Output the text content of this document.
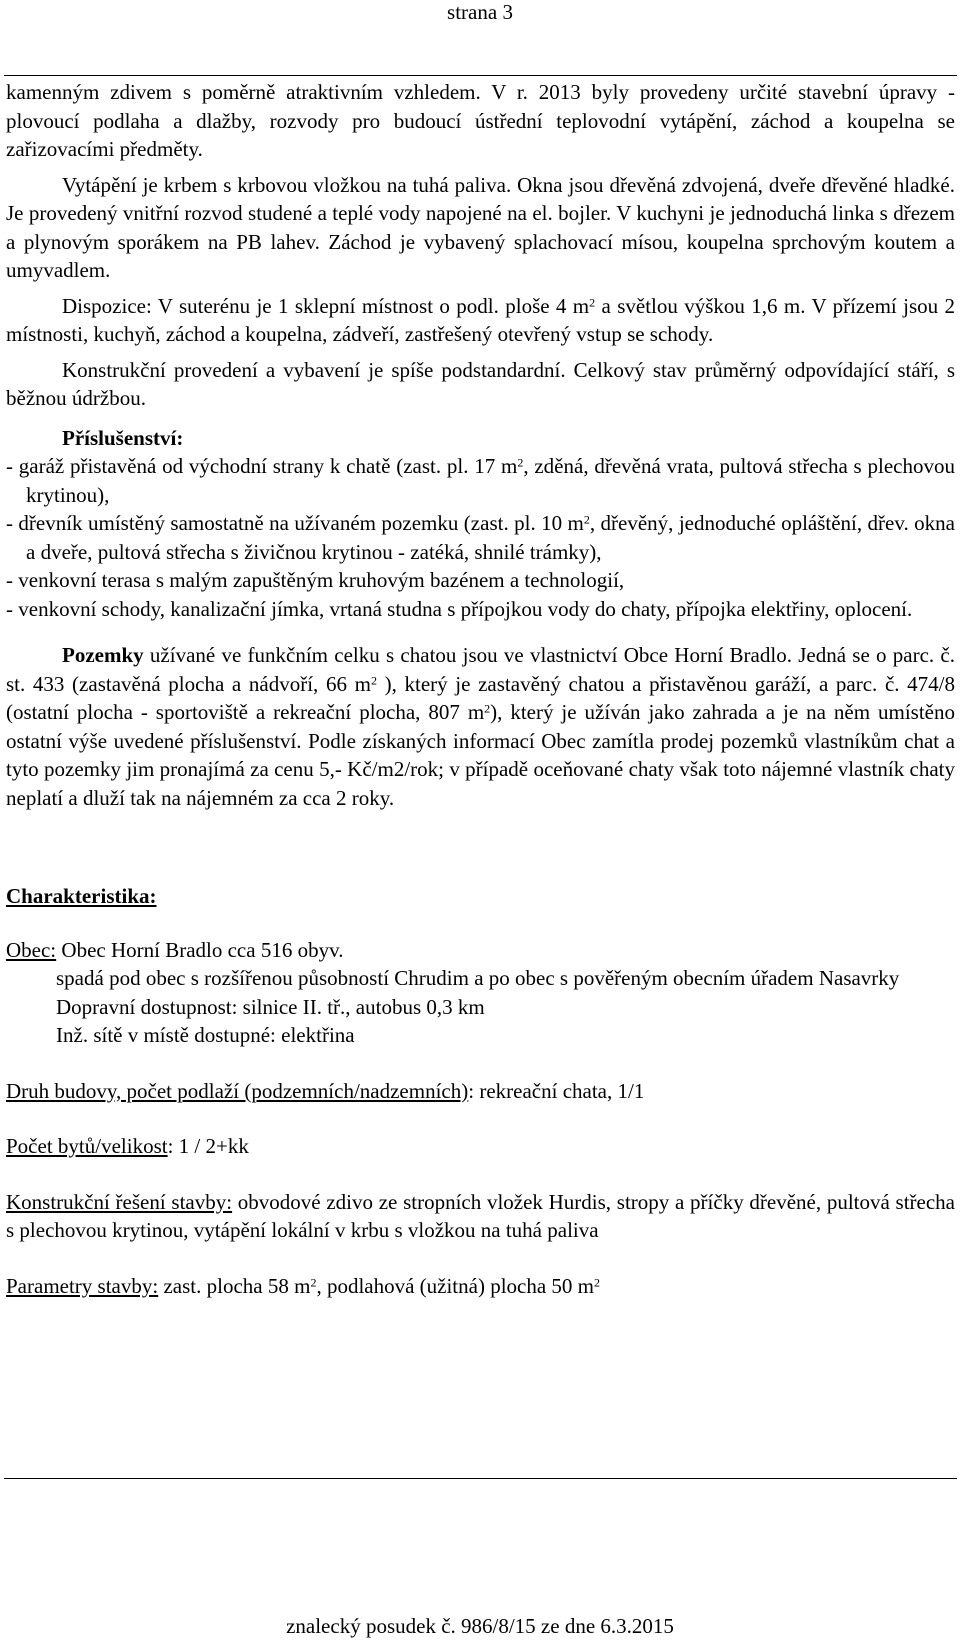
strana 3

kamenným zdivem s poměrně atraktivním vzhledem. V r. 2013 byly provedeny určité stavební úpravy - plovoucí podlaha a dlažby, rozvody pro budoucí ústřední teplovodní vytápění, záchod a koupelna se zařizovacími předměty.

Vytápění je krbem s krbovou vložkou na tuhá paliva. Okna jsou dřevěná zdvojená, dveře dřevěné hladké. Je provedený vnitřní rozvod studené a teplé vody napojené na el. bojler. V kuchyni je jednoduchá linka s dřezem a plynovým sporákem na PB lahev. Záchod je vybavený splachovací mísou, koupelna sprchovým koutem a umyvadlem.

Dispozice: V suterénu je 1 sklepní místnost o podl. ploše 4 $m^2$ a světlou výškou 1,6 m. V přízemí jsou 2 místnosti, kuchyň, záchod a koupelna, zádveří, zastřešený otevřený vstup se schody.

Konstrukční provedení a vybavení je spíše podstandardní. Celkový stav průměrný odpovídající stáří, s běžnou údržbou.

Příslušenství:

- garáž přistavěná od východní strany k chatě (zast. pl. 17 $m^2$, zděná, dřevěná vrata, pultová střecha s plechovou krytinou),

- dřevník umístěný samostatně na užívaném pozemku (zast. pl. 10 $m^2$, dřevěný, jednoduché opláštění, dřev. okna a dveře, pultová střecha s živičnou krytinou - zatéká, shnilé trámky),

- venkovní terasa s malým zapuštěným kruhovým bazénem a technologií,

- venkovní schody, kanalizační jímka, vrtaná studna s přípojkou vody do chaty, přípojka elektřiny, oplocení.

Pozemky užívané ve funkčním celku s chatou jsou ve vlastnictví Obce Horní Bradlo. Jedná se o parc. č. st. 433 (zastavěná plocha a nádvoří, 66 $m^2$ ), který je zastavěný chatou a přistavěnou garáží, a parc. č. 474/8 (ostatní plocha - sportoviště a rekreační plocha, 807 $m^2$), který je užíván jako zahrada a je na něm umístěno ostatní výše uvedené příslušenství. Podle získaných informací Obec zamítla prodej pozemků vlastníkům chat a tyto pozemky jim pronajímá za cenu 5,- Kč/m2/rok; v případě oceňované chaty však toto nájemné vlastník chaty neplatí a dluží tak na nájemném za cca 2 roky.

Charakteristika:

Obec: Obec Horní Bradlo cca 516 obyv.

spadá pod obec s rozšířenou působností Chrudim a po obec s pověřeným obecním úřadem Nasavrky

Dopravní dostupnost: silnice II. tř., autobus 0,3 km

Inž. sítě v místě dostupné: elektřina

Druh budovy, počet podlaží (podzemních/nadzemních): rekreační chata, 1/1

Počet bytů/velikost: 1 / 2+kk

Konstrukční řešení stavby: obvodové zdivo ze stropních vložek Hurdis, stropy a příčky dřevěné, pultová střecha s plechovou krytinou, vytápění lokální v krbu s vložkou na tuhá paliva

Parametry stavby: zast. plocha 58 $m^2$, podlahová (užitná) plocha 50 $m^2$

znalecký posudek č. 986/8/15 ze dne 6.3.2015
